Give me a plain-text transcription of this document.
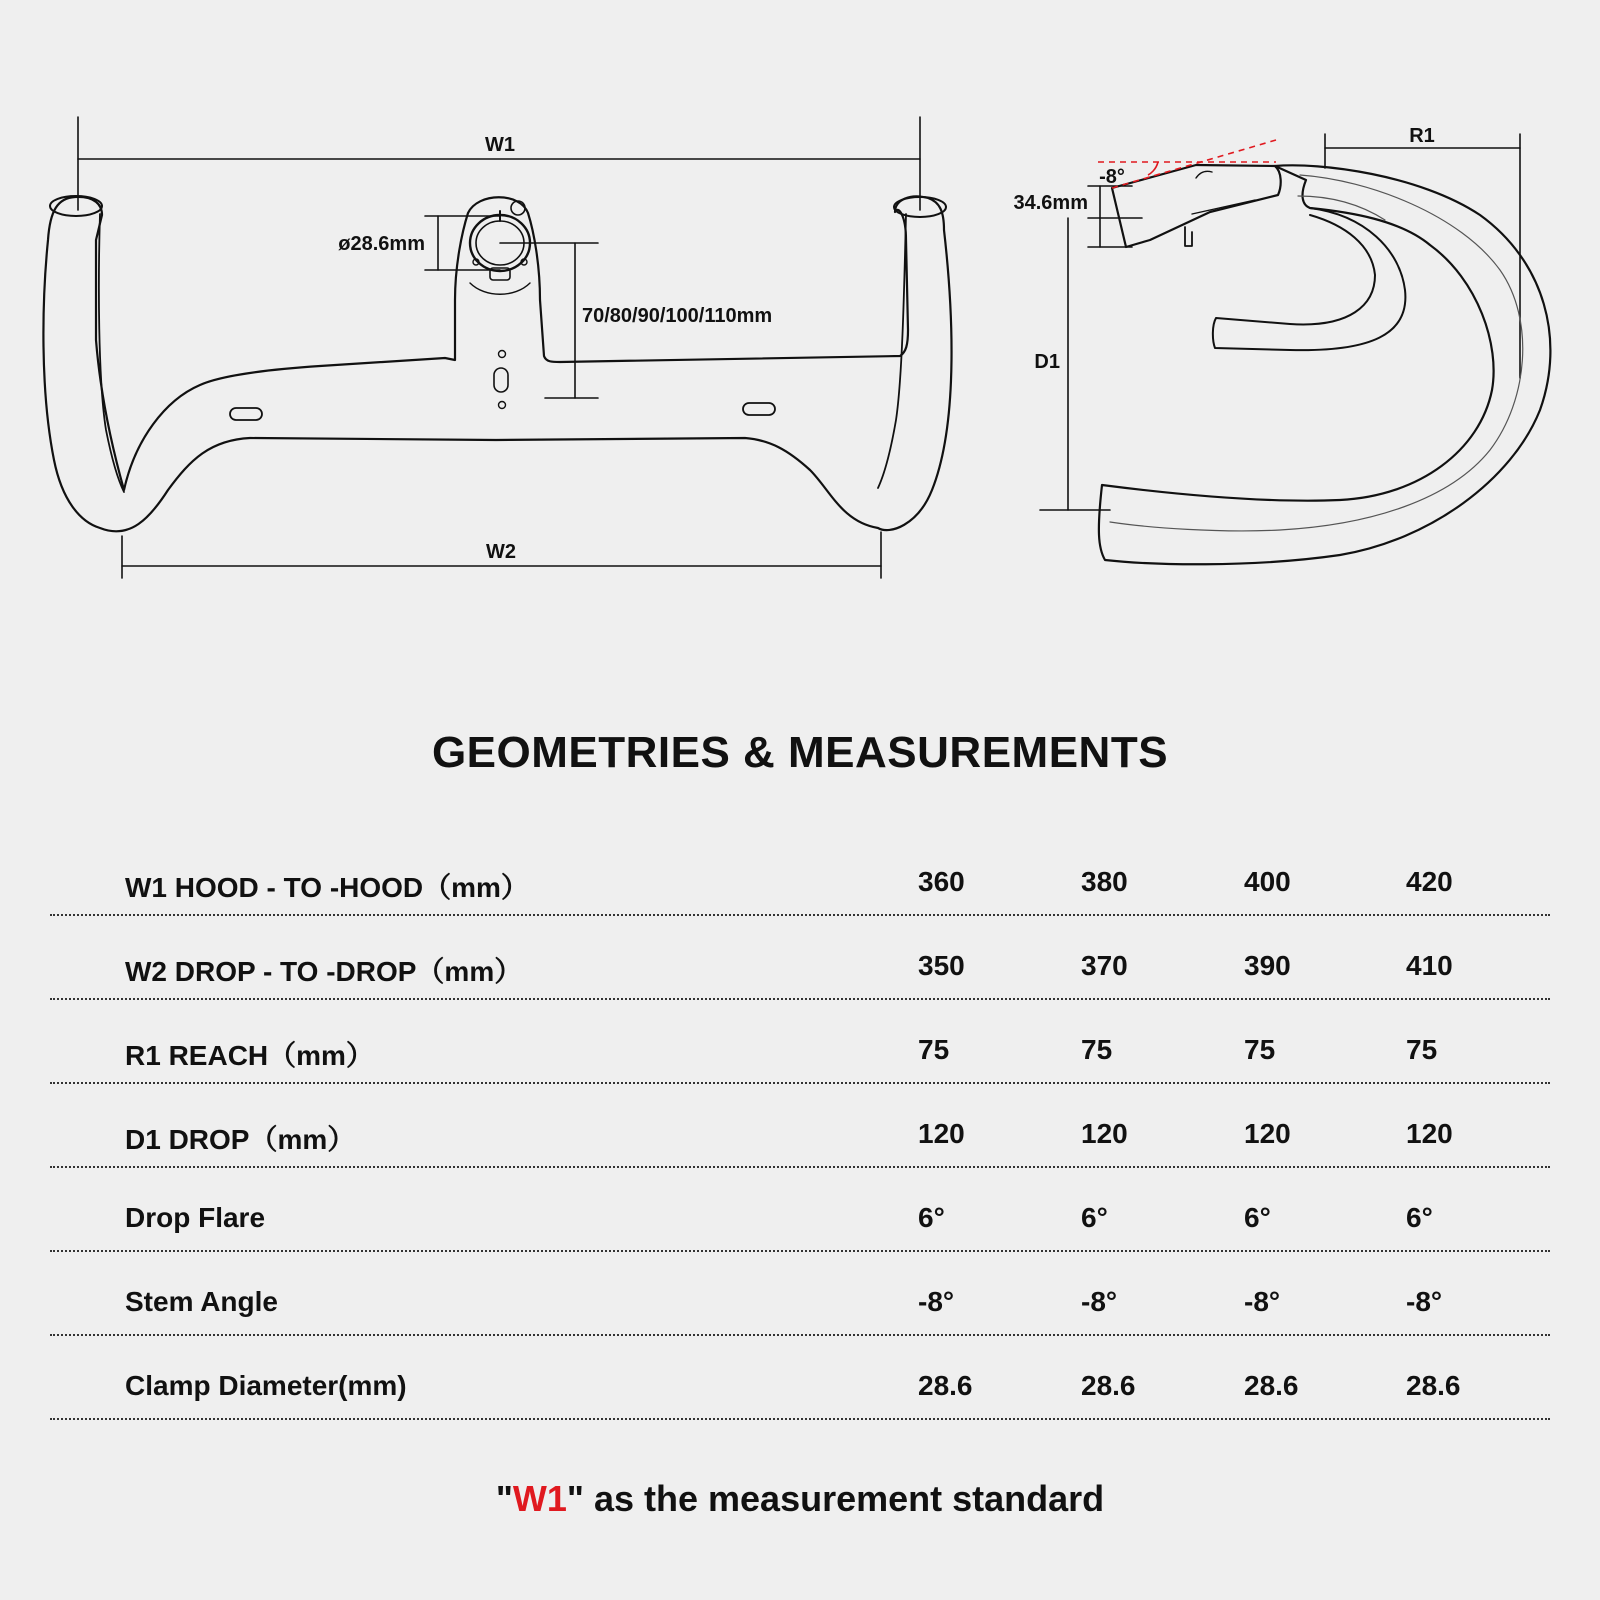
W1
W2
ø28.6mm
70/80/90/100/110mm
R1
-8°
34.6mm
D1
GEOMETRIES & MEASUREMENTS
W1 HOOD - TO -HOOD（mm）	360	380	400	420
W2 DROP - TO -DROP（mm）	350	370	390	410
R1 REACH（mm）	75	75	75	75
D1 DROP（mm）	120	120	120	120
Drop Flare	6°	6°	6°	6°
Stem Angle	-8°	-8°	-8°	-8°
Clamp Diameter(mm)	28.6	28.6	28.6	28.6

"W1" as the measurement standard
